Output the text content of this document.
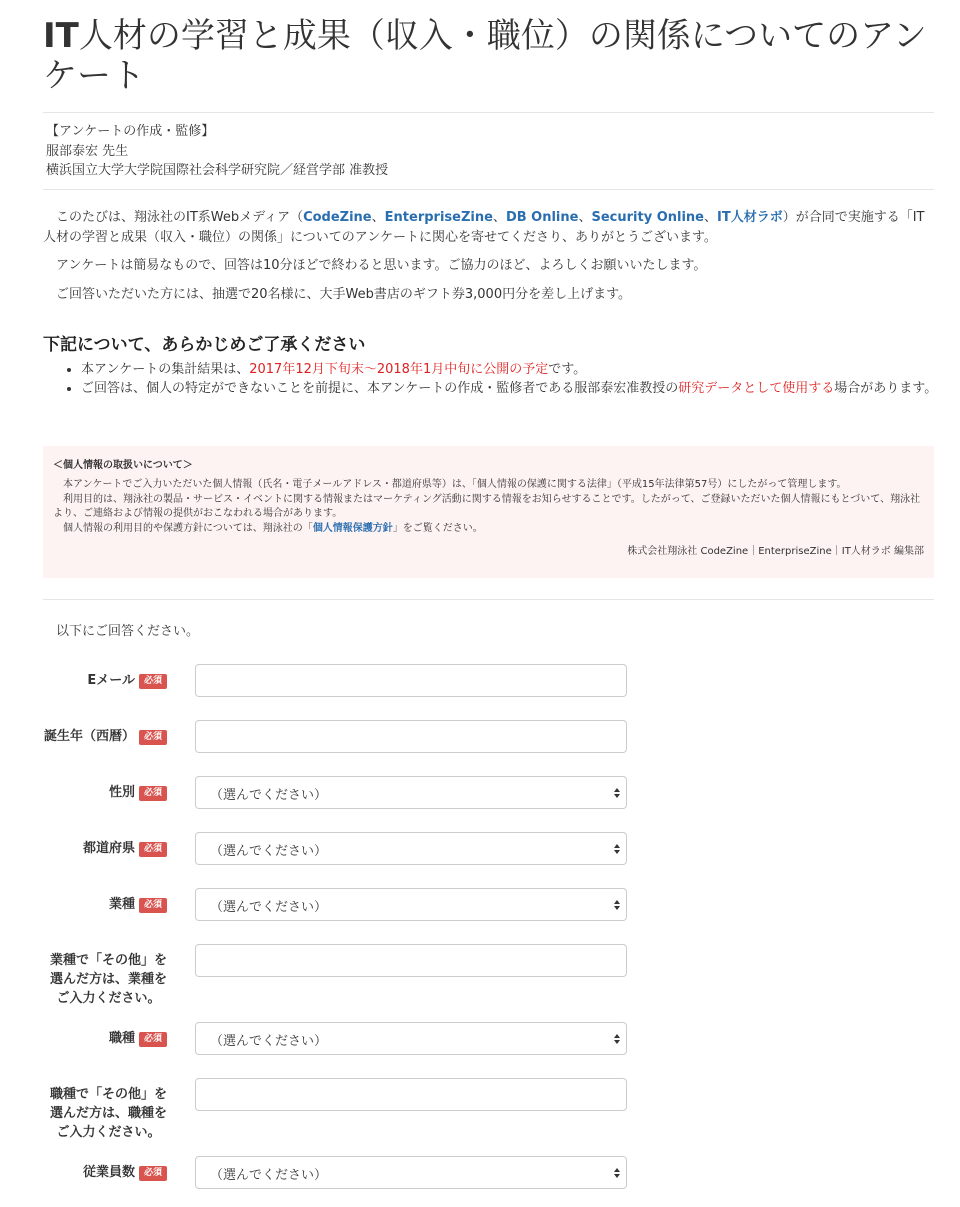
IT人材の学習と成果（収入・職位）の関係についてのアンケート
【アンケートの作成・監修】
服部泰宏 先生
横浜国立大学大学院国際社会科学研究院／経営学部 准教授

このたびは、翔泳社のIT系Webメディア（CodeZine、EnterpriseZine、DB Online、Security Online、IT人材ラボ）が合同で実施する「IT人材の学習と成果（収入・職位）の関係」についてのアンケートに関心を寄せてくださり、ありがとうございます。

アンケートは簡易なもので、回答は10分ほどで終わると思います。ご協力のほど、よろしくお願いいたします。

ご回答いただいた方には、抽選で20名様に、大手Web書店のギフト券3,000円分を差し上げます。

下記について、あらかじめご了承ください
• 本アンケートの集計結果は、2017年12月下旬末〜2018年1月中旬に公開の予定です。
• ご回答は、個人の特定ができないことを前提に、本アンケートの作成・監修者である服部泰宏准教授の研究データとして使用する場合があります。
＜個人情報の取扱いについて＞

本アンケートでご入力いただいた個人情報（氏名・電子メールアドレス・都道府県等）は、「個人情報の保護に関する法律」（平成15年法律第57号）にしたがって管理します。

利用目的は、翔泳社の製品・サービス・イベントに関する情報またはマーケティング活動に関する情報をお知らせすることです。したがって、ご登録いただいた個人情報にもとづいて、翔泳社より、ご連絡および情報の提供がおこなわれる場合があります。

個人情報の利用目的や保護方針については、翔泳社の「個人情報保護方針」をご覧ください。

株式会社翔泳社 CodeZine｜EnterpriseZine｜IT人材ラボ 編集部
以下にご回答ください。
Eメール 必須
誕生年（西暦） 必須
性別 必須	（選んでください）
都道府県 必須	（選んでください）
業種 必須	（選んでください）
業種で「その他」を
選んだ方は、業種を
ご入力ください。
職種 必須	（選んでください）
職種で「その他」を
選んだ方は、職種を
ご入力ください。
従業員数 必須	（選んでください）
